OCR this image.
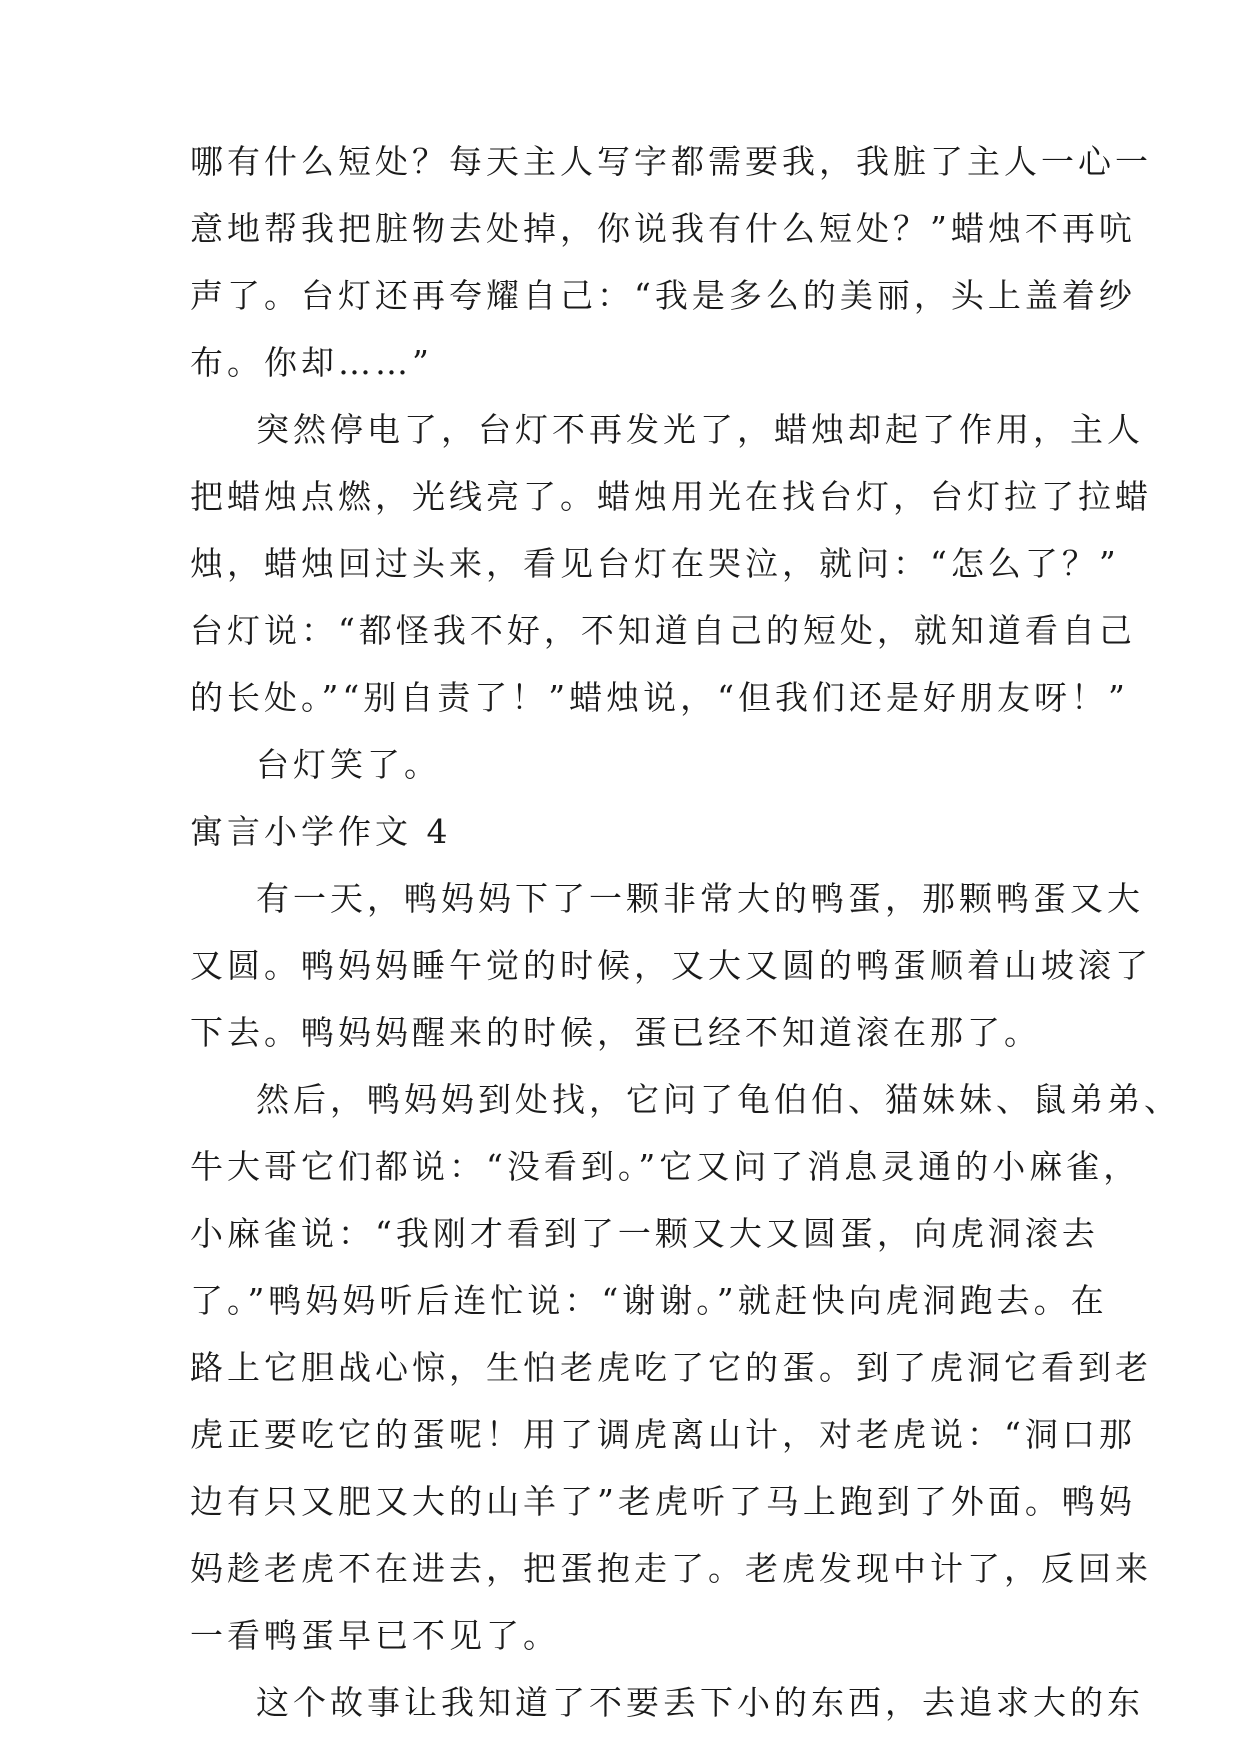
哪有什么短处？每天主人写字都需要我，我脏了主人一心一
意地帮我把脏物去处掉，你说我有什么短处？”蜡烛不再吭
声了。台灯还再夸耀自己：“我是多么的美丽，头上盖着纱
布。你却……”
突然停电了，台灯不再发光了，蜡烛却起了作用，主人
把蜡烛点燃，光线亮了。蜡烛用光在找台灯，台灯拉了拉蜡
烛，蜡烛回过头来，看见台灯在哭泣，就问：“怎么了？”
台灯说：“都怪我不好，不知道自己的短处，就知道看自己
的长处。”“别自责了！”蜡烛说，“但我们还是好朋友呀！”
台灯笑了。
寓言小学作文 4
有一天，鸭妈妈下了一颗非常大的鸭蛋，那颗鸭蛋又大
又圆。鸭妈妈睡午觉的时候，又大又圆的鸭蛋顺着山坡滚了
下去。鸭妈妈醒来的时候，蛋已经不知道滚在那了。
然后，鸭妈妈到处找，它问了龟伯伯、猫妹妹、鼠弟弟、
牛大哥它们都说：“没看到。”它又问了消息灵通的小麻雀，
小麻雀说：“我刚才看到了一颗又大又圆蛋，向虎洞滚去
了。”鸭妈妈听后连忙说：“谢谢。”就赶快向虎洞跑去。在
路上它胆战心惊，生怕老虎吃了它的蛋。到了虎洞它看到老
虎正要吃它的蛋呢！用了调虎离山计，对老虎说：“洞口那
边有只又肥又大的山羊了”老虎听了马上跑到了外面。鸭妈
妈趁老虎不在进去，把蛋抱走了。老虎发现中计了，反回来
一看鸭蛋早已不见了。
这个故事让我知道了不要丢下小的东西，去追求大的东
